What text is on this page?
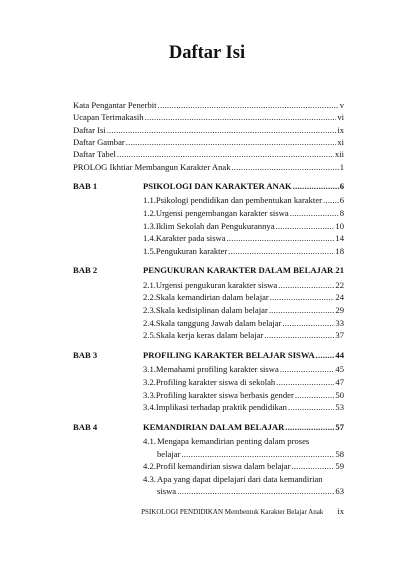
Daftar Isi
Kata Pengantar Penerbit .....	v
Ucapan Terimakasih .....	vi
Daftar Isi .....	ix
Daftar Gambar .....	xi
Daftar Tabel .....	xii
PROLOG Ikhtiar Membangun Karakter Anak .....	1
BAB 1	PSIKOLOGI DAN KARAKTER ANAK .....	6
1.1. Psikologi pendidikan dan pembentukan karakter ..... 6
1.2. Urgensi pengembangan karakter siswa .....	8
1.3. Iklim Sekolah dan Pengukurannya .....	10
1.4. Karakter pada siswa .....	14
1.5. Pengukuran karakter .....	18
BAB 2	PENGUKURAN KARAKTER DALAM BELAJAR ..... 21
2.1. Urgensi pengukuran karakter siswa .....	22
2.2. Skala kemandirian dalam belajar .....	24
2.3. Skala kedisiplinan dalam belajar .....	29
2.4. Skala tanggung Jawab dalam belajar .....	33
2.5. Skala kerja keras dalam belajar .....	37
BAB 3	PROFILING KARAKTER BELAJAR SISWA ..... 44
3.1. Memahami profiling karakter siswa .....	45
3.2. Profiling karakter siswa di sekolah .....	47
3.3. Profiling karakter siswa berbasis gender .....	50
3.4. Implikasi terhadap praktik pendidikan .....	53
BAB 4	KEMANDIRIAN DALAM BELAJAR .....	57
4.1. Mengapa kemandirian penting dalam proses
belajar .....	58
4.2. Profil kemandirian siswa dalam belajar .....	59
4.3. Apa yang dapat dipelajari dari data kemandirian
siswa .....	63
PSIKOLOGI PENDIDIKAN Membentuk Karakter Belajar Anak ix
